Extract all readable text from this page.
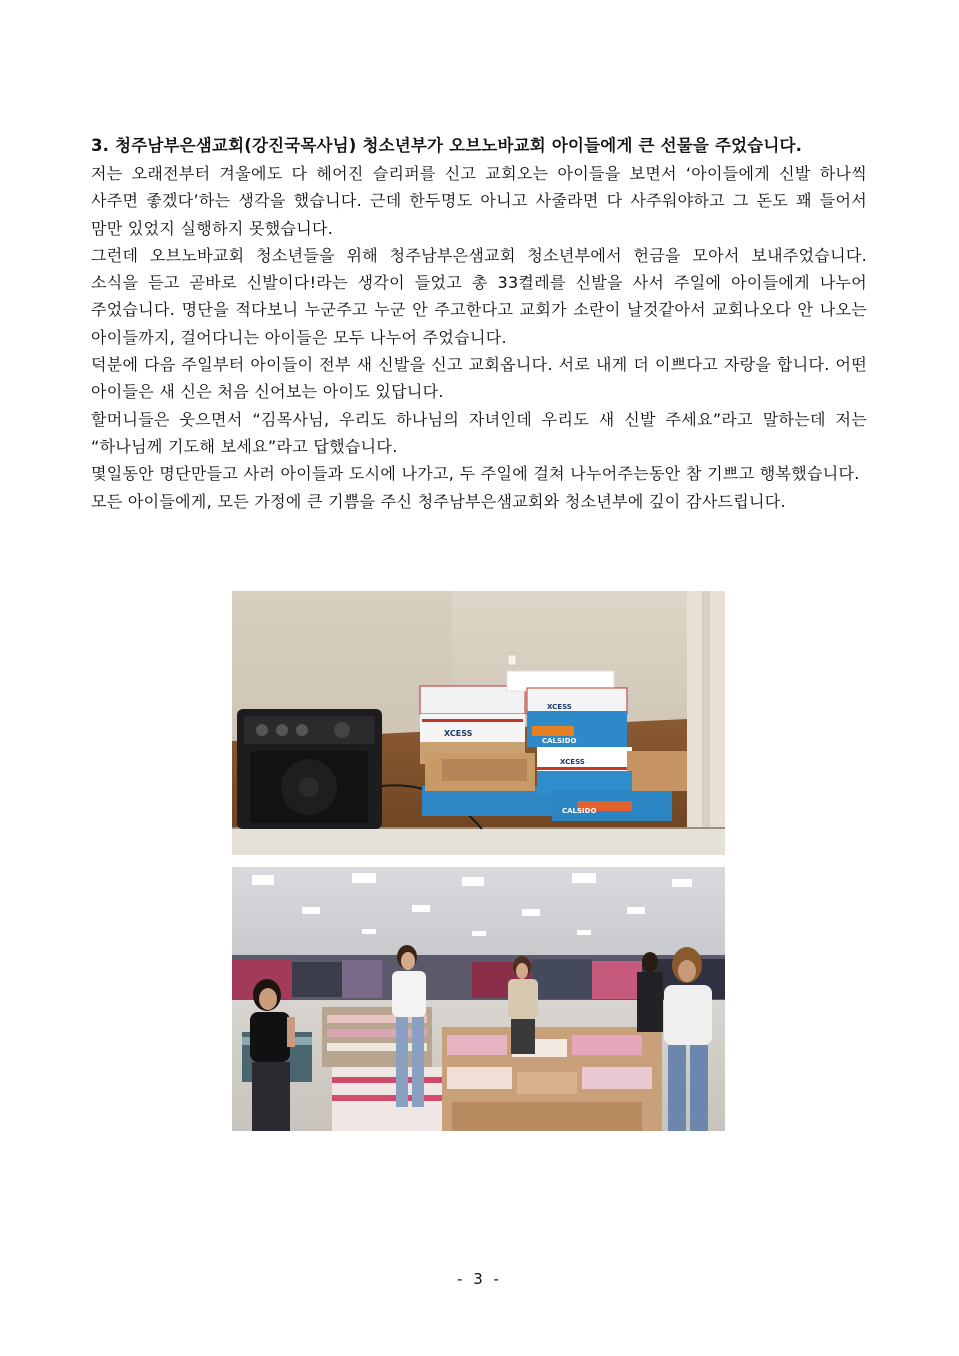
3. 청주남부은샘교회(강진국목사님) 청소년부가 오브노바교회 아이들에게 큰 선물을 주었습니다.

저는 오래전부터 겨울에도 다 헤어진 슬리퍼를 신고 교회오는 아이들을 보면서 ‘아이들에게 신발 하나씩 사주면 좋겠다’하는 생각을 했습니다. 근데 한두명도 아니고 사줄라면 다 사주워야하고 그 돈도 꽤 들어서 맘만 있었지 실행하지 못했습니다.

그런데 오브노바교회 청소년들을 위해 청주남부은샘교회 청소년부에서 헌금을 모아서 보내주었습니다. 소식을 듣고 곧바로 신발이다!라는 생각이 들었고 총 33켤레를 신발을 사서 주일에 아이들에게 나누어 주었습니다. 명단을 적다보니 누군주고 누군 안 주고한다고 교회가 소란이 날것같아서 교회나오다 안 나오는 아이들까지, 걸어다니는 아이들은 모두 나누어 주었습니다.

덕분에 다음 주일부터 아이들이 전부 새 신발을 신고 교회옵니다. 서로 내게 더 이쁘다고 자랑을 합니다. 어떤 아이들은 새 신은 처음 신어보는 아이도 있답니다.

할머니들은 웃으면서 “김목사님, 우리도 하나님의 자녀인데 우리도 새 신발 주세요”라고 말하는데 저는 “하나님께 기도해 보세요”라고 답했습니다.

몇일동안 명단만들고 사러 아이들과 도시에 나가고, 두 주일에 걸쳐 나누어주는동안 참 기쁘고 행복했습니다.

모든 아이들에게, 모든 가정에 큰 기쁨을 주신 청주남부은샘교회와 청소년부에 깊이 감사드립니다.

XCESS
CALSIDO
XCESS
XCESS
CALSIDO
- 3 -
